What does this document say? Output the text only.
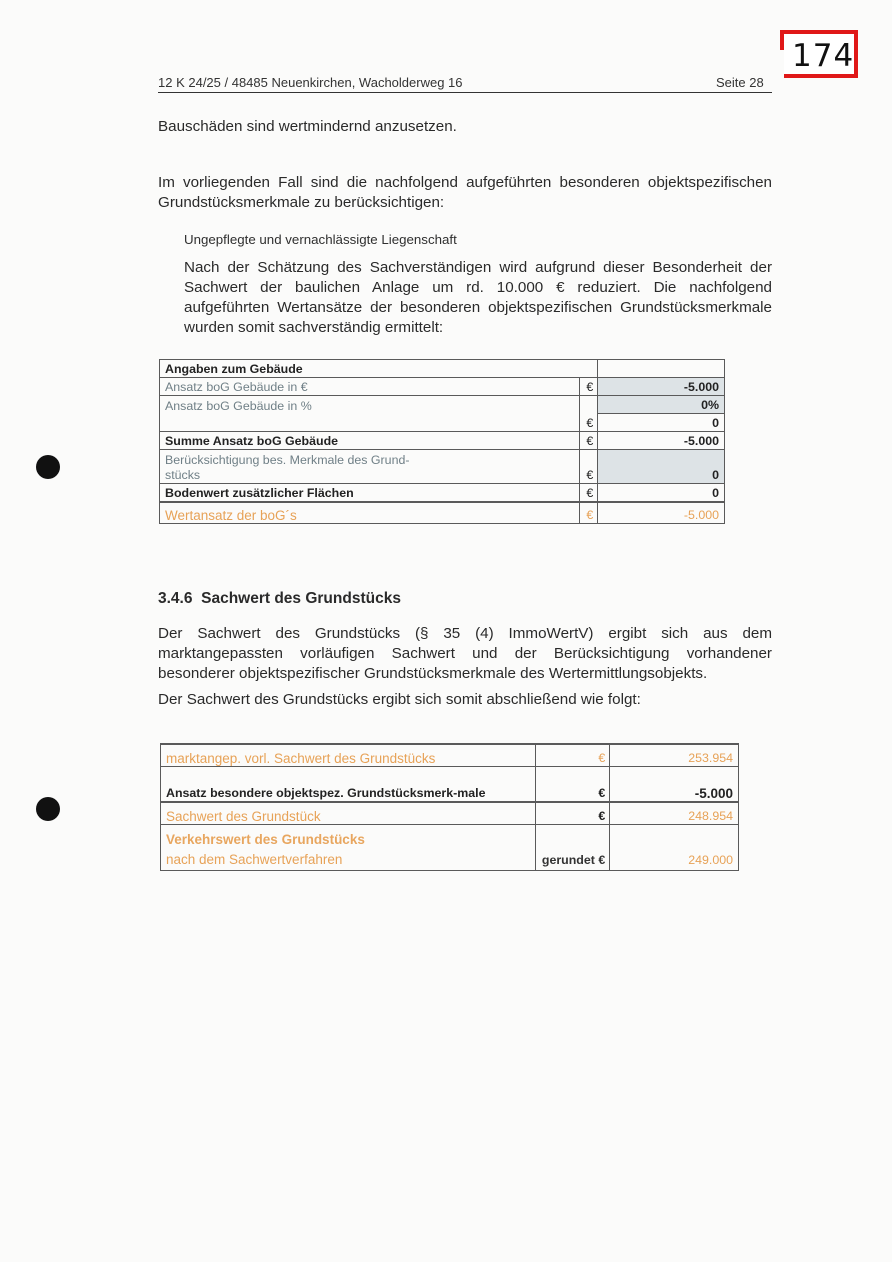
174
12 K 24/25 / 48485 Neuenkirchen, Wacholderweg 16	Seite 28
Bauschäden sind wertmindernd anzusetzen.
Im vorliegenden Fall sind die nachfolgend aufgeführten besonderen objektspezifischen Grundstücksmerkmale zu berücksichtigen:
Ungepflegte und vernachlässigte Liegenschaft
Nach der Schätzung des Sachverständigen wird aufgrund dieser Besonderheit der Sachwert der baulichen Anlage um rd. 10.000 € reduziert. Die nachfolgend aufgeführten Wertansätze der besonderen objektspezifischen Grundstücksmerkmale wurden somit sachverständig ermittelt:
Angaben zum Gebäude		
Ansatz boG Gebäude in €	€	-5.000
Ansatz boG Gebäude in %		0%
	€	0
Summe Ansatz boG Gebäude	€	-5.000
Berücksichtigung bes. Merkmale des Grund-stücks	€	0
Bodenwert zusätzlicher Flächen	€	0
Wertansatz der boG´s	€	-5.000
3.4.6 Sachwert des Grundstücks
Der Sachwert des Grundstücks (§ 35 (4) ImmoWertV) ergibt sich aus dem marktangepassten vorläufigen Sachwert und der Berücksichtigung vorhandener besonderer objektspezifischer Grundstücksmerkmale des Wertermittlungsobjekts.
Der Sachwert des Grundstücks ergibt sich somit abschließend wie folgt:
marktangep. vorl. Sachwert des Grundstücks	€	253.954
Ansatz besondere objektspez. Grundstücksmerk-male	€	-5.000
Sachwert des Grundstück	€	248.954

Verkehrswert des Grundstücks
nach dem Sachwertverfahren	gerundet €	249.000
